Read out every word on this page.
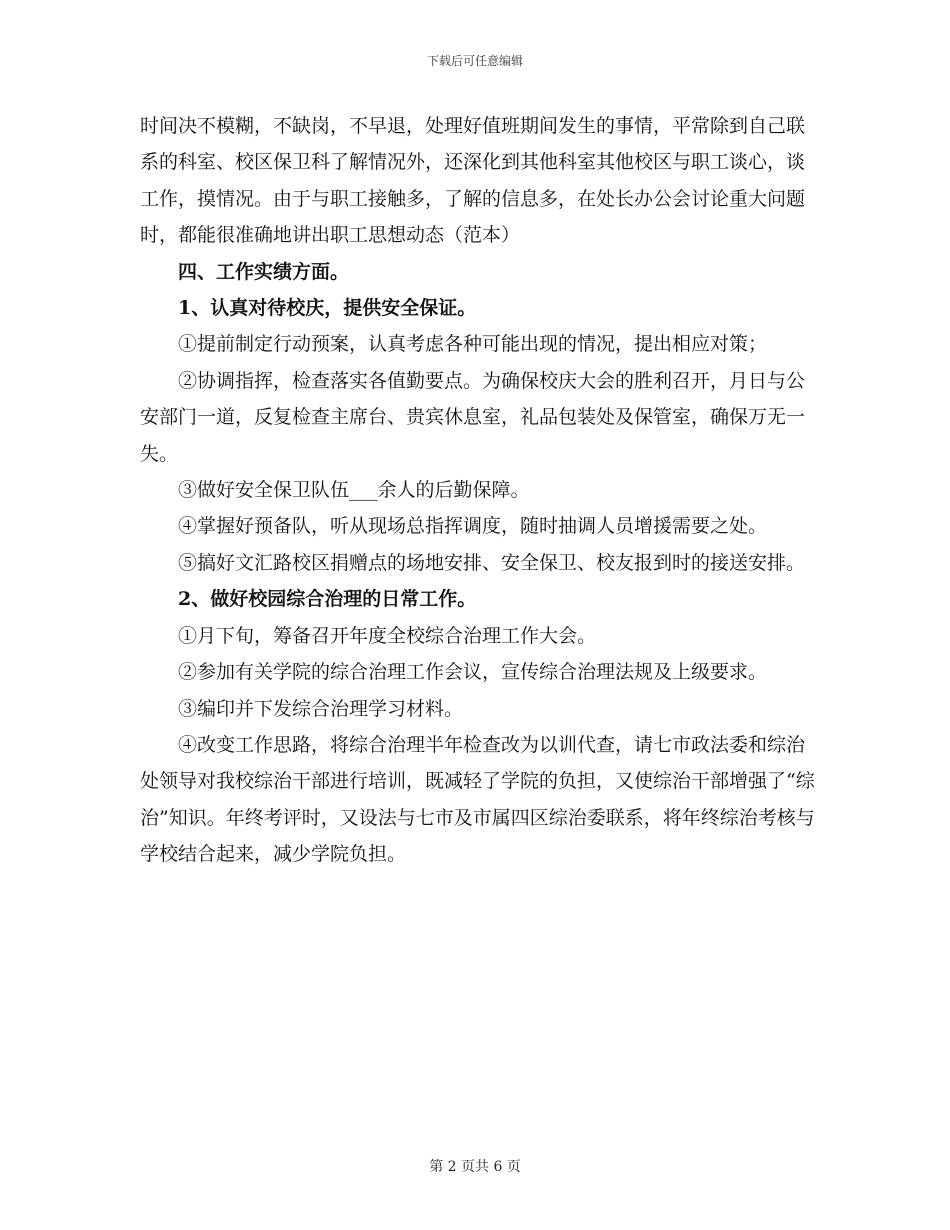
下载后可任意编辑

时间决不模糊，不缺岗，不早退，处理好值班期间发生的事情，平常除到自己联系的科室、校区保卫科了解情况外，还深化到其他科室其他校区与职工谈心，谈工作，摸情况。由于与职工接触多，了解的信息多，在处长办公会讨论重大问题时，都能很准确地讲出职工思想动态（范本）

四、工作实绩方面。

1、认真对待校庆，提供安全保证。

①提前制定行动预案，认真考虑各种可能出现的情况，提出相应对策；

②协调指挥，检查落实各值勤要点。为确保校庆大会的胜利召开，月日与公安部门一道，反复检查主席台、贵宾休息室，礼品包装处及保管室，确保万无一失。

③做好安全保卫队伍___余人的后勤保障。

④掌握好预备队，听从现场总指挥调度，随时抽调人员增援需要之处。

⑤搞好文汇路校区捐赠点的场地安排、安全保卫、校友报到时的接送安排。

2、做好校园综合治理的日常工作。

①月下旬，筹备召开年度全校综合治理工作大会。

②参加有关学院的综合治理工作会议，宣传综合治理法规及上级要求。

③编印并下发综合治理学习材料。

④改变工作思路，将综合治理半年检查改为以训代查，请七市政法委和综治处领导对我校综治干部进行培训，既减轻了学院的负担，又使综治干部增强了“综治”知识。年终考评时，又设法与七市及市属四区综治委联系，将年终综治考核与学校结合起来，减少学院负担。

第 2 页共 6 页
